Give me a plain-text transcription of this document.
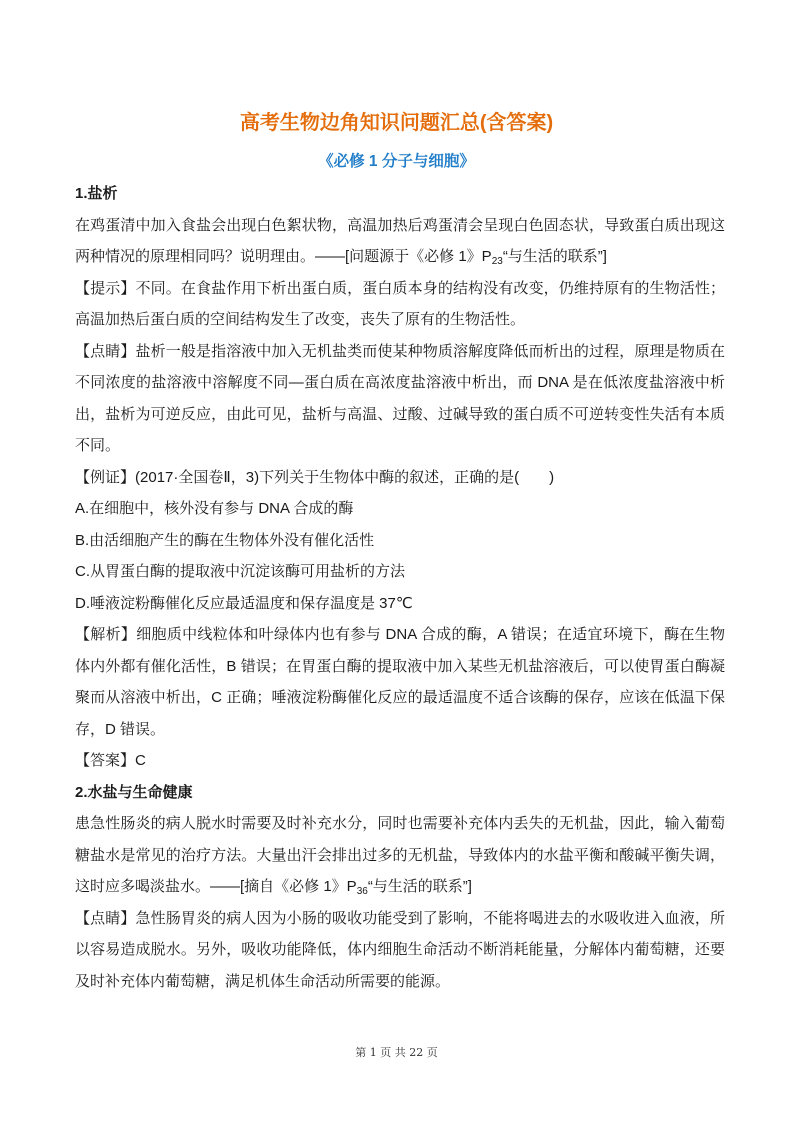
高考生物边角知识问题汇总(含答案)
《必修 1 分子与细胞》

1.盐析

在鸡蛋清中加入食盐会出现白色絮状物，高温加热后鸡蛋清会呈现白色固态状，导致蛋白质出现这两种情况的原理相同吗？说明理由。——[问题源于《必修 1》$P_{23}“$与生活的联系”]

【提示】不同。在食盐作用下析出蛋白质，蛋白质本身的结构没有改变，仍维持原有的生物活性；高温加热后蛋白质的空间结构发生了改变，丧失了原有的生物活性。

【点睛】盐析一般是指溶液中加入无机盐类而使某种物质溶解度降低而析出的过程，原理是物质在不同浓度的盐溶液中溶解度不同—蛋白质在高浓度盐溶液中析出，而 DNA 是在低浓度盐溶液中析出，盐析为可逆反应，由此可见，盐析与高温、过酸、过碱导致的蛋白质不可逆转变性失活有本质不同。

【例证】(2017·全国卷Ⅱ，3)下列关于生物体中酶的叙述，正确的是(　　)

A.在细胞中，核外没有参与 DNA 合成的酶

B.由活细胞产生的酶在生物体外没有催化活性

C.从胃蛋白酶的提取液中沉淀该酶可用盐析的方法

D.唾液淀粉酶催化反应最适温度和保存温度是 37℃

【解析】细胞质中线粒体和叶绿体内也有参与 DNA 合成的酶，A 错误；在适宜环境下，酶在生物体内外都有催化活性，B 错误；在胃蛋白酶的提取液中加入某些无机盐溶液后，可以使胃蛋白酶凝聚而从溶液中析出，C 正确；唾液淀粉酶催化反应的最适温度不适合该酶的保存，应该在低温下保存，D 错误。

【答案】C

2.水盐与生命健康

患急性肠炎的病人脱水时需要及时补充水分，同时也需要补充体内丢失的无机盐，因此，输入葡萄糖盐水是常见的治疗方法。大量出汗会排出过多的无机盐，导致体内的水盐平衡和酸碱平衡失调，这时应多喝淡盐水。——[摘自《必修 1》$P_{36}“$与生活的联系”]

【点睛】急性肠胃炎的病人因为小肠的吸收功能受到了影响，不能将喝进去的水吸收进入血液，所以容易造成脱水。另外，吸收功能降低，体内细胞生命活动不断消耗能量，分解体内葡萄糖，还要及时补充体内葡萄糖，满足机体生命活动所需要的能源。

第 1 页 共 22 页
